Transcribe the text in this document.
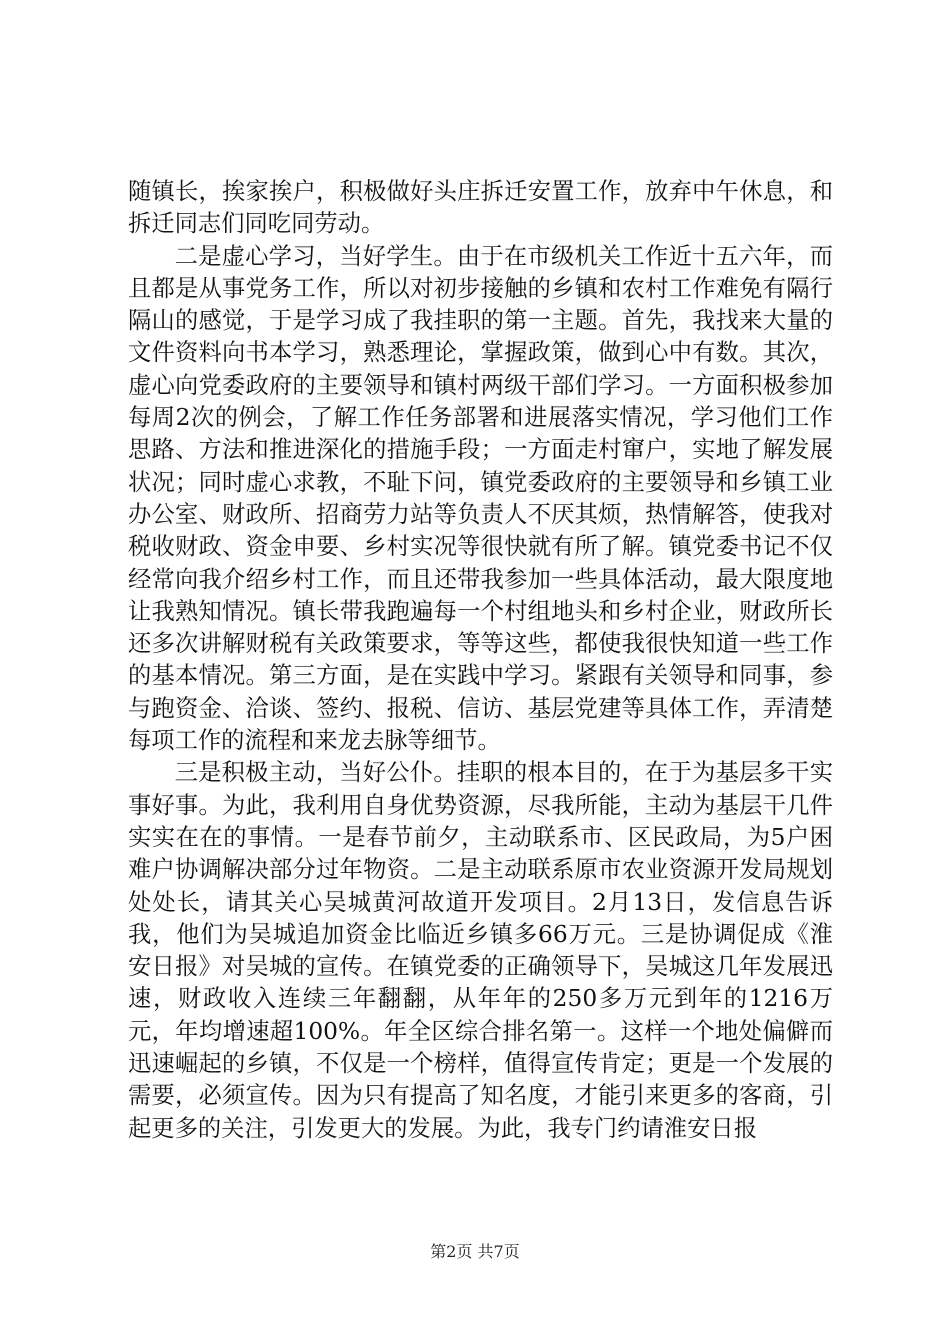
随镇长，挨家挨户，积极做好头庄拆迁安置工作，放弃中午休息，和拆迁同志们同吃同劳动。

二是虚心学习，当好学生。由于在市级机关工作近十五六年，而且都是从事党务工作，所以对初步接触的乡镇和农村工作难免有隔行隔山的感觉，于是学习成了我挂职的第一主题。首先，我找来大量的文件资料向书本学习，熟悉理论，掌握政策，做到心中有数。其次，虚心向党委政府的主要领导和镇村两级干部们学习。一方面积极参加每周2次的例会，了解工作任务部署和进展落实情况，学习他们工作思路、方法和推进深化的措施手段；一方面走村窜户，实地了解发展状况；同时虚心求教，不耻下问，镇党委政府的主要领导和乡镇工业办公室、财政所、招商劳力站等负责人不厌其烦，热情解答，使我对税收财政、资金申要、乡村实况等很快就有所了解。镇党委书记不仅经常向我介绍乡村工作，而且还带我参加一些具体活动，最大限度地让我熟知情况。镇长带我跑遍每一个村组地头和乡村企业，财政所长还多次讲解财税有关政策要求，等等这些，都使我很快知道一些工作的基本情况。第三方面，是在实践中学习。紧跟有关领导和同事，参与跑资金、洽谈、签约、报税、信访、基层党建等具体工作，弄清楚每项工作的流程和来龙去脉等细节。

三是积极主动，当好公仆。挂职的根本目的，在于为基层多干实事好事。为此，我利用自身优势资源，尽我所能，主动为基层干几件实实在在的事情。一是春节前夕，主动联系市、区民政局，为5户困难户协调解决部分过年物资。二是主动联系原市农业资源开发局规划处处长，请其关心吴城黄河故道开发项目。2月13日，发信息告诉我，他们为吴城追加资金比临近乡镇多66万元。三是协调促成《淮安日报》对吴城的宣传。在镇党委的正确领导下，吴城这几年发展迅速，财政收入连续三年翻翻，从年年的250多万元到年的1216万元，年均增速超100%。年全区综合排名第一。这样一个地处偏僻而迅速崛起的乡镇，不仅是一个榜样，值得宣传肯定；更是一个发展的需要，必须宣传。因为只有提高了知名度，才能引来更多的客商，引起更多的关注，引发更大的发展。为此，我专门约请淮安日报

第2页 共7页
